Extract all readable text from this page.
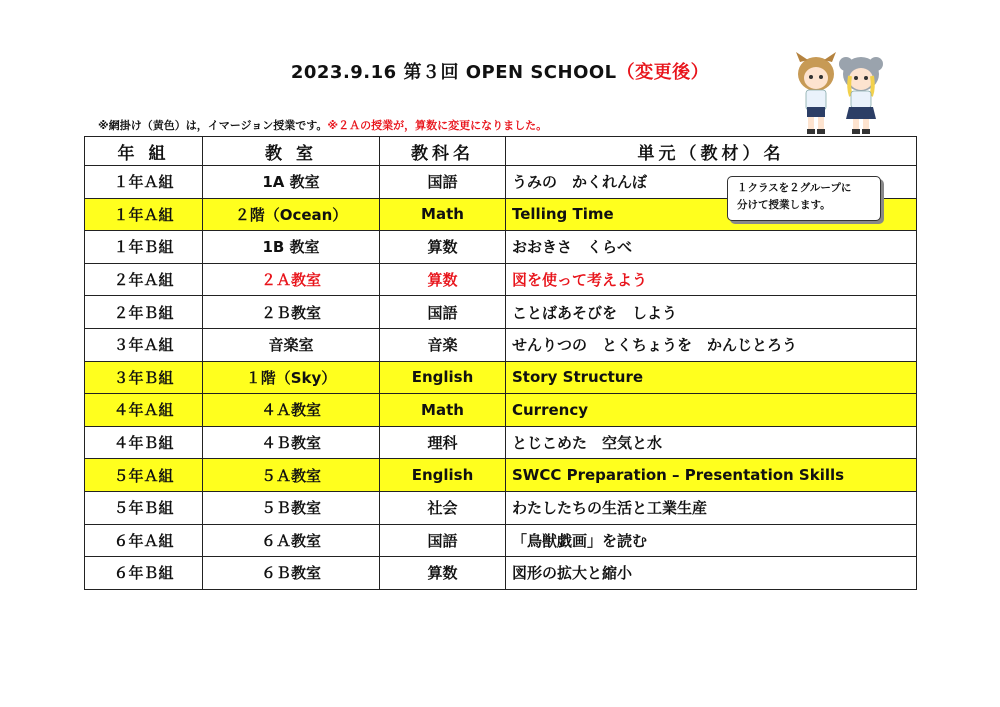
2023.9.16 第３回 OPEN SCHOOL（変更後）
※網掛け（黄色）は，イマージョン授業です。※２Ａの授業が，算数に変更になりました。
年 組	教 室	教科名	単元（教材）名
１年Ａ組	1A 教室	国語	うみの　かくれんぼ
１年Ａ組	２階（Ocean）	Math	Telling Time
１年Ｂ組	1B 教室	算数	おおきさ　くらべ
２年Ａ組	２Ａ教室	算数	図を使って考えよう
２年Ｂ組	２Ｂ教室	国語	ことばあそびを　しよう
３年Ａ組	音楽室	音楽	せんりつの　とくちょうを　かんじとろう
３年Ｂ組	１階（Sky）	English	Story Structure
４年Ａ組	４Ａ教室	Math	Currency
４年Ｂ組	４Ｂ教室	理科	とじこめた　空気と水
５年Ａ組	５Ａ教室	English	SWCC Preparation – Presentation Skills
５年Ｂ組	５Ｂ教室	社会	わたしたちの生活と工業生産
６年Ａ組	６Ａ教室	国語	「鳥獣戯画」を読む
６年Ｂ組	６Ｂ教室	算数	図形の拡大と縮小
１クラスを２グループに
分けて授業します。
